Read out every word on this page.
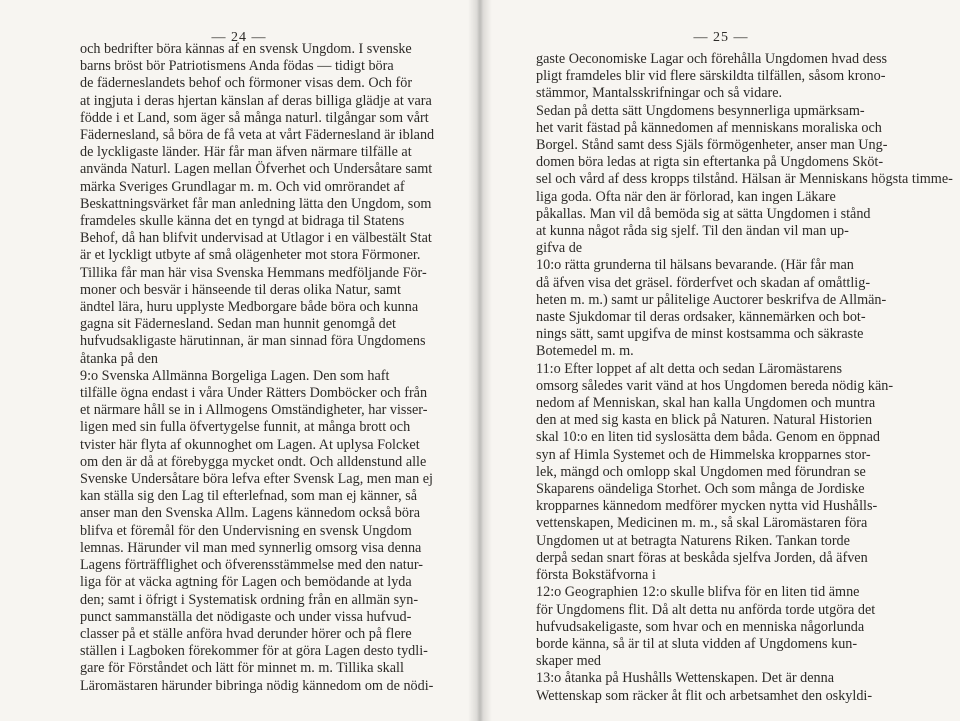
— 24 —	— 25 —
och bedrifter böra kännas af en svensk Ungdom. I svenske
barns bröst bör Patriotismens Anda födas — tidigt böra
de fäderneslandets behof och förmoner visas dem. Och för
at ingjuta i deras hjertan känslan af deras billiga glädje at vara
födde i et Land, som äger så många naturl. tilgångar som vårt
Fädernesland, så böra de få veta at vårt Fädernesland är ibland
de lyckligaste länder. Här får man äfven närmare tilfälle at
använda Naturl. Lagen mellan Öfverhet och Undersåtare samt
märka Sveriges Grundlagar m. m. Och vid omrörandet af
Beskattningsvärket får man anledning lätta den Ungdom, som
framdeles skulle känna det en tyngd at bidraga til Statens
Behof, då han blifvit undervisad at Utlagor i en välbestält Stat
är et lyckligt utbyte af små olägenheter mot stora Förmoner.
Tillika får man här visa Svenska Hemmans medföljande För-
moner och besvär i hänseende til deras olika Natur, samt
ändtel lära, huru upplyste Medborgare både böra och kunna
gagna sit Fädernesland. Sedan man hunnit genomgå det
hufvudsakligaste härutinnan, är man sinnad föra Ungdomens
åtanka på den
9:o Svenska Allmänna Borgeliga Lagen. Den som haft
tilfälle ögna endast i våra Under Rätters Domböcker och från
et närmare håll se in i Allmogens Omständigheter, har visser-
ligen med sin fulla öfvertygelse funnit, at många brott och
tvister här flyta af okunnoghet om Lagen. At uplysa Folcket
om den är då at förebygga mycket ondt. Och alldenstund alle
Svenske Undersåtare böra lefva efter Svensk Lag, men man ej
kan ställa sig den Lag til efterlefnad, som man ej känner, så
anser man den Svenska Allm. Lagens kännedom också böra
blifva et föremål för den Undervisning en svensk Ungdom
lemnas. Härunder vil man med synnerlig omsorg visa denna
Lagens förträfflighet och öfverensstämmelse med den natur-
liga för at väcka agtning för Lagen och bemödande at lyda
den; samt i öfrigt i Systematisk ordning från en allmän syn-
punct sammanställa det nödigaste och under vissa hufvud-
classer på et ställe anföra hvad derunder hörer och på flere
ställen i Lagboken förekommer för at göra Lagen desto tydli-
gare för Förståndet och lätt för minnet m. m. Tillika skall
Läromästaren härunder bibringa nödig kännedom om de nödi-
gaste Oeconomiske Lagar och förehålla Ungdomen hvad dess
pligt framdeles blir vid flere särskildta tilfällen, såsom krono-
stämmor, Mantalsskrifningar och så vidare.
Sedan på detta sätt Ungdomens besynnerliga upmärksam-
het varit fästad på kännedomen af menniskans moraliska och
Borgel. Stånd samt dess Själs förmögenheter, anser man Ung-
domen böra ledas at rigta sin eftertanka på Ungdomens Sköt-
sel och vård af dess kropps tilstånd. Hälsan är Menniskans högsta timme-
liga goda. Ofta när den är förlorad, kan ingen Läkare
påkallas. Man vil då bemöda sig at sätta Ungdomen i stånd
at kunna något råda sig sjelf. Til den ändan vil man up-
gifva de
10:o rätta grunderna til hälsans bevarande. (Här får man
då äfven visa det gräsel. förderfvet och skadan af omåttlig-
heten m. m.) samt ur pålitelige Auctorer beskrifva de Allmän-
naste Sjukdomar til deras ordsaker, kännemärken och bot-
nings sätt, samt upgifva de minst kostsamma och säkraste
Botemedel m. m.
11:o Efter loppet af alt detta och sedan Läromästarens
omsorg således varit vänd at hos Ungdomen bereda nödig kän-
nedom af Menniskan, skal han kalla Ungdomen och muntra
den at med sig kasta en blick på Naturen. Natural Historien
skal 10:o en liten tid syslosätta dem båda. Genom en öppnad
syn af Himla Systemet och de Himmelska kropparnes stor-
lek, mängd och omlopp skal Ungdomen med förundran se
Skaparens oändeliga Storhet. Och som många de Jordiske
kropparnes kännedom medförer mycken nytta vid Hushålls-
vettenskapen, Medicinen m. m., så skal Läromästaren föra
Ungdomen ut at betragta Naturens Riken. Tankan torde
derpå sedan snart föras at beskåda sjelfva Jorden, då äfven
första Bokstäfvorna i
12:o Geographien 12:o skulle blifva för en liten tid ämne
för Ungdomens flit. Då alt detta nu anförda torde utgöra det
hufvudsakeligaste, som hvar och en menniska någorlunda
borde känna, så är til at sluta vidden af Ungdomens kun-
skaper med
13:o åtanka på Hushålls Wettenskapen. Det är denna
Wettenskap som räcker åt flit och arbetsamhet den oskyldi-
